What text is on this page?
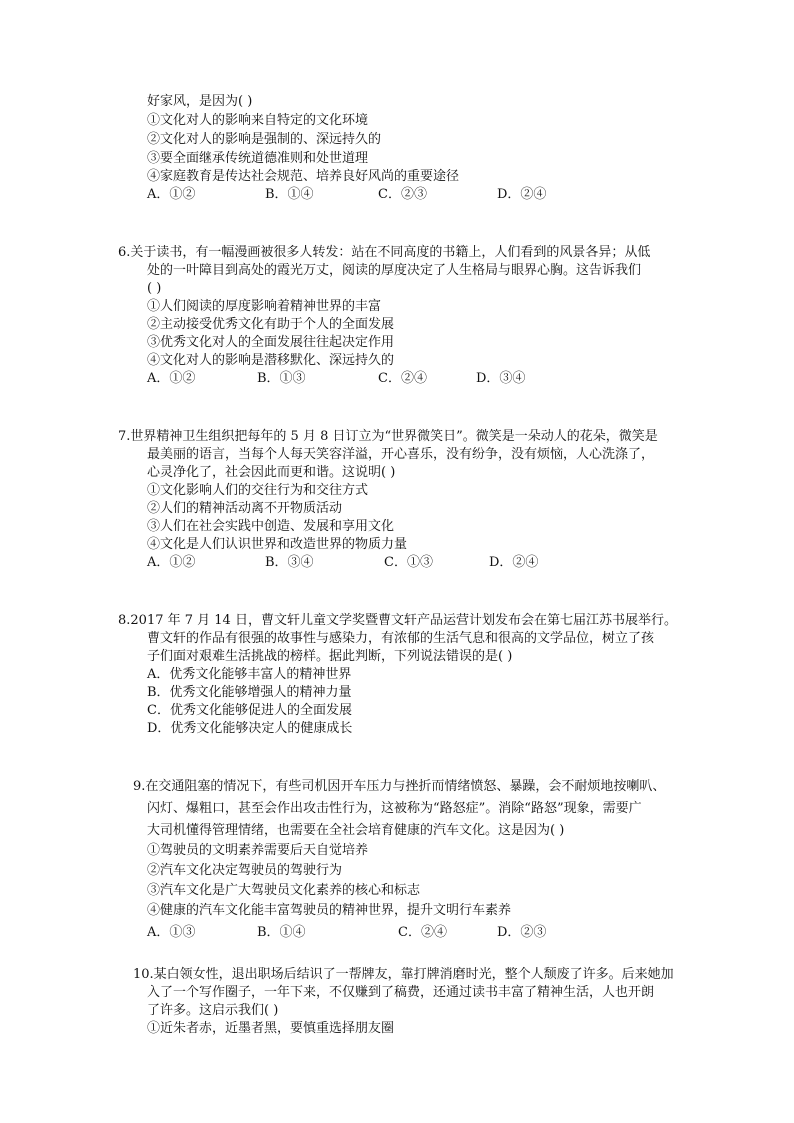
好家风，是因为( )
①文化对人的影响来自特定的文化环境
②文化对人的影响是强制的、深远持久的
③要全面继承传统道德准则和处世道理
④家庭教育是传达社会规范、培养良好风尚的重要途径
A．①②	B．①④	C．②③	D．②④
6.关于读书，有一幅漫画被很多人转发：站在不同高度的书籍上，人们看到的风景各异；从低
处的一叶障目到高处的霞光万丈，阅读的厚度决定了人生格局与眼界心胸。这告诉我们
( )
①人们阅读的厚度影响着精神世界的丰富
②主动接受优秀文化有助于个人的全面发展
③优秀文化对人的全面发展往往起决定作用
④文化对人的影响是潜移默化、深远持久的
A．①②	B．①③	C．②④	D．③④
7.世界精神卫生组织把每年的 5 月 8 日订立为“世界微笑日”。微笑是一朵动人的花朵，微笑是
最美丽的语言，当每个人每天笑容洋溢，开心喜乐，没有纷争，没有烦恼，人心洗涤了，
心灵净化了，社会因此而更和谐。这说明( )
①文化影响人们的交往行为和交往方式
②人们的精神活动离不开物质活动
③人们在社会实践中创造、发展和享用文化
④文化是人们认识世界和改造世界的物质力量
A．①②	B．③④	C．①③	D．②④
8.2017 年 7 月 14 日，曹文轩儿童文学奖暨曹文轩产品运营计划发布会在第七届江苏书展举行。
曹文轩的作品有很强的故事性与感染力，有浓郁的生活气息和很高的文学品位，树立了孩
子们面对艰难生活挑战的榜样。据此判断，下列说法错误的是( )
A．优秀文化能够丰富人的精神世界
B．优秀文化能够增强人的精神力量
C．优秀文化能够促进人的全面发展
D．优秀文化能够决定人的健康成长
9.在交通阻塞的情况下，有些司机因开车压力与挫折而情绪愤怒、暴躁，会不耐烦地按喇叭、
闪灯、爆粗口，甚至会作出攻击性行为，这被称为“路怒症”。消除“路怒”现象，需要广
大司机懂得管理情绪，也需要在全社会培育健康的汽车文化。这是因为( )
①驾驶员的文明素养需要后天自觉培养
②汽车文化决定驾驶员的驾驶行为
③汽车文化是广大驾驶员文化素养的核心和标志
④健康的汽车文化能丰富驾驶员的精神世界，提升文明行车素养
A．①③	B．①④	C．②④	D．②③
10.某白领女性，退出职场后结识了一帮牌友，靠打牌消磨时光，整个人颓废了许多。后来她加
入了一个写作圈子，一年下来，不仅赚到了稿费，还通过读书丰富了精神生活，人也开朗
了许多。这启示我们( )
①近朱者赤，近墨者黑，要慎重选择朋友圈
